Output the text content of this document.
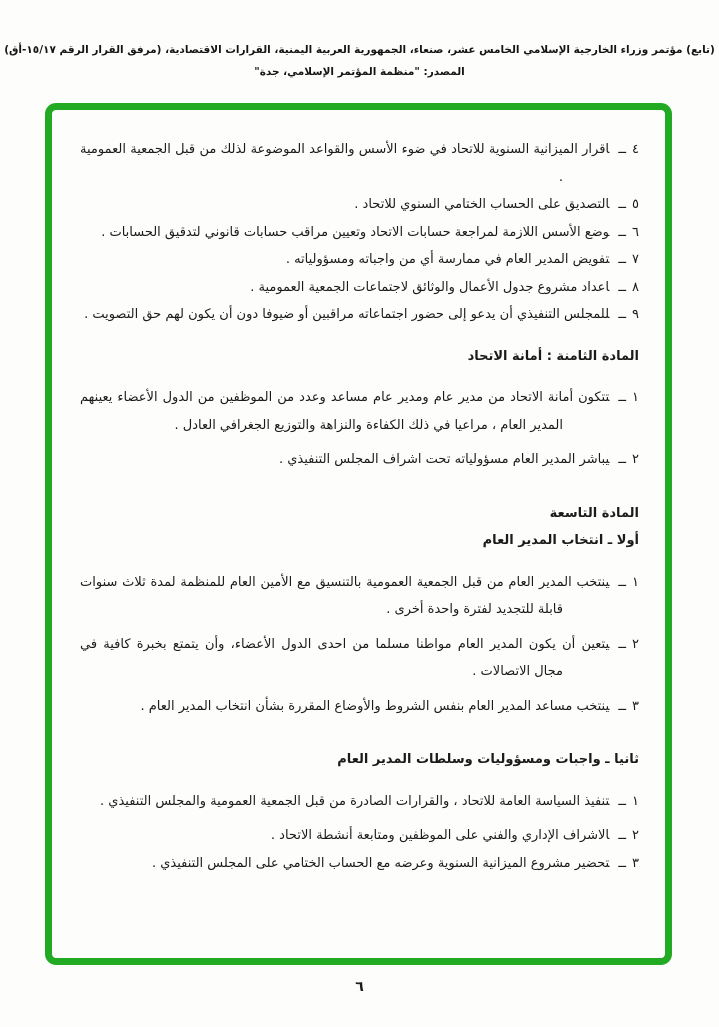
(تابع) مؤتمر وزراء الخارجية الإسلامي الخامس عشر، صنعاء، الجمهورية العربية اليمنية، القرارات الاقتصادية، (مرفق القرار الرقم ١٥/١٧-أق)
المصدر: "منظمة المؤتمر الإسلامي، جدة"
٤ــاقرار الميزانية السنوية للاتحاد في ضوء الأسس والقواعد الموضوعة لذلك من قبل الجمعية العمومية .
٥ــالتصديق على الحساب الختامي السنوي للاتحاد .
٦ــوضع الأسس اللازمة لمراجعة حسابات الاتحاد وتعيين مراقب حسابات قانوني لتدقيق الحسابات .
٧ــتفويض المدير العام في ممارسة أي من واجباته ومسؤولياته .
٨ــاعداد مشروع جدول الأعمال والوثائق لاجتماعات الجمعية العمومية .
٩ــللمجلس التنفيذي أن يدعو إلى حضور اجتماعاته مراقبين أو ضيوفا دون أن يكون لهم حق التصويت .
المادة الثامنة : أمانة الاتحاد
١ــتتكون أمانة الاتحاد من مدير عام ومدير عام مساعد وعدد من الموظفين من الدول الأعضاء يعينهم المدير العام ، مراعيا في ذلك الكفاءة والنزاهة والتوزيع الجغرافي العادل .
٢ــيباشر المدير العام مسؤولياته تحت اشراف المجلس التنفيذي .
المادة التاسعة
أولا ـ انتخاب المدير العام
١ــينتخب المدير العام من قبل الجمعية العمومية بالتنسيق مع الأمين العام للمنظمة لمدة ثلاث سنوات قابلة للتجديد لفترة واحدة أخرى .
٢ــيتعين أن يكون المدير العام مواطنا مسلما من احدى الدول الأعضاء، وأن يتمتع بخبرة كافية في مجال الاتصالات .
٣ــينتخب مساعد المدير العام بنفس الشروط والأوضاع المقررة بشأن انتخاب المدير العام .
ثانيا ـ واجبات ومسؤوليات وسلطات المدير العام
١ــتنفيذ السياسة العامة للاتحاد ، والقرارات الصادرة من قبل الجمعية العمومية والمجلس التنفيذي .
٢ــالاشراف الإداري والفني على الموظفين ومتابعة أنشطة الاتحاد .
٣ــتحضير مشروع الميزانية السنوية وعرضه مع الحساب الختامي على المجلس التنفيذي .
٦
